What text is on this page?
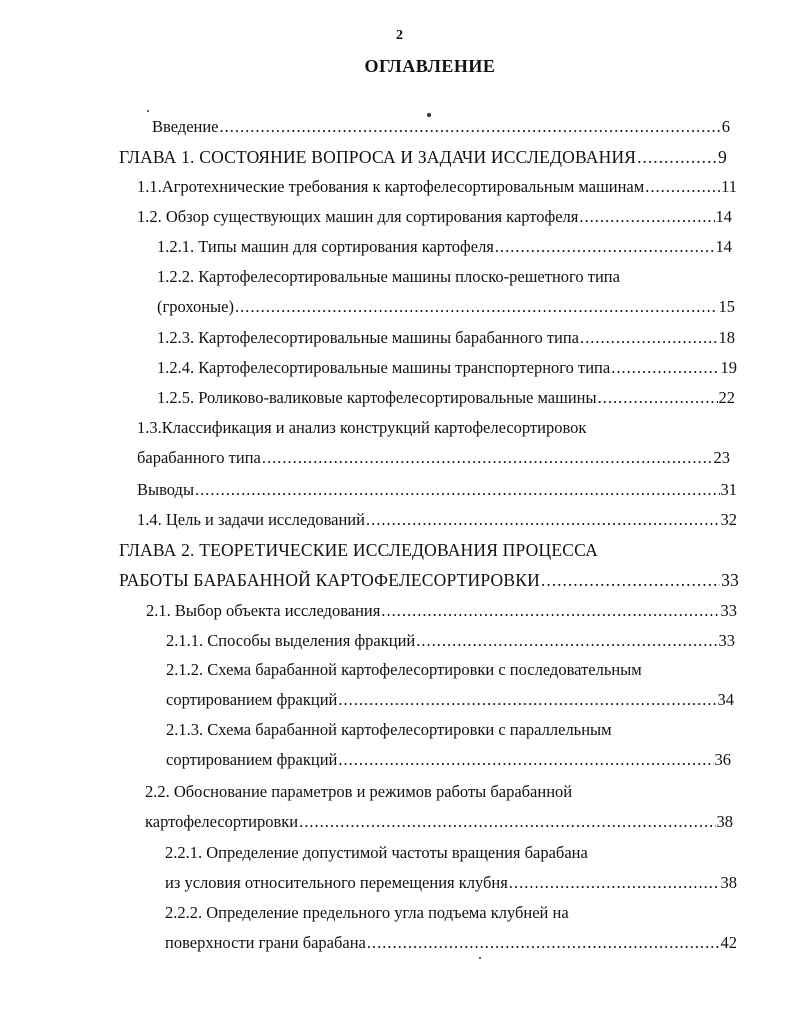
2
ОГЛАВЛЕНИЕ
Введение .....	6
ГЛАВА 1. СОСТОЯНИЕ ВОПРОСА И ЗАДАЧИ ИССЛЕДОВАНИЯ .....	9
1.1.Агротехнические требования к картофелесортировальным машинам .....	11
1.2. Обзор существующих машин для сортирования картофеля .....	14
1.2.1. Типы машин для сортирования картофеля .....	14
1.2.2. Картофелесортировальные машины плоско-решетного типа
(грохоные) .....	15
1.2.3. Картофелесортировальные машины барабанного типа .....	18
1.2.4. Картофелесортировальные машины транспортерного типа .....	19
1.2.5. Роликово-валиковые картофелесортировальные машины .....	22
1.3.Классификация и анализ конструкций картофелесортировок
барабанного типа .....	23
Выводы .....	31
1.4. Цель и задачи исследований .....	32
ГЛАВА 2. ТЕОРЕТИЧЕСКИЕ ИССЛЕДОВАНИЯ ПРОЦЕССА
РАБОТЫ БАРАБАННОЙ КАРТОФЕЛЕСОРТИРОВКИ .....	33
2.1. Выбор объекта исследования .....	33
2.1.1. Способы выделения фракций .....	33
2.1.2. Схема барабанной картофелесортировки с последовательным
сортированием фракций .....	34
2.1.3. Схема барабанной картофелесортировки с параллельным
сортированием фракций .....	36
2.2. Обоснование параметров и режимов работы барабанной
картофелесортировки .....	38
2.2.1. Определение допустимой частоты вращения барабана
из условия относительного перемещения клубня .....	38
2.2.2. Определение предельного угла подъема клубней на
поверхности грани барабана .....	42
